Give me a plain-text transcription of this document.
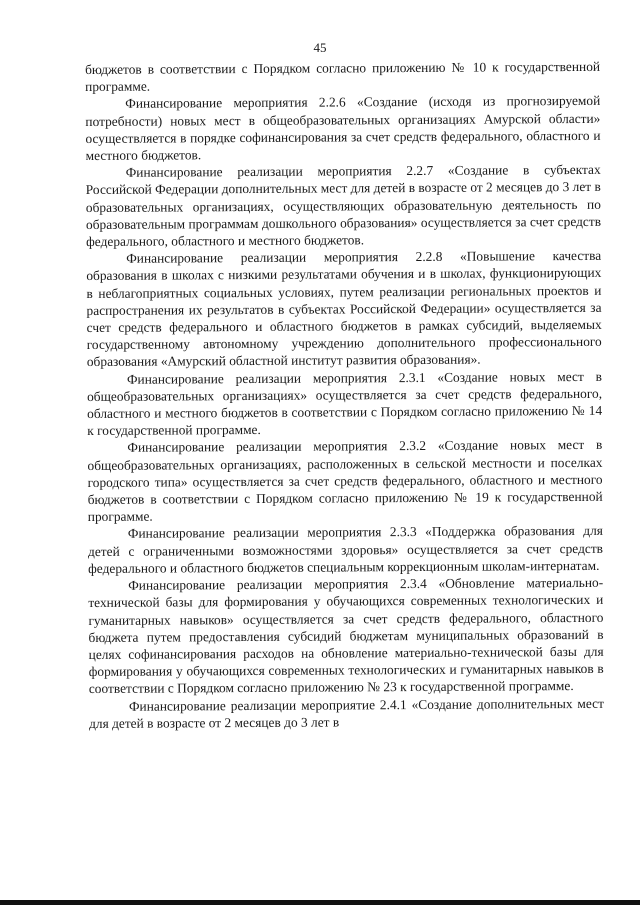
45

бюджетов в соответствии с Порядком согласно приложению № 10 к государственной программе.

Финансирование мероприятия 2.2.6 «Создание (исходя из прогнозируемой потребности) новых мест в общеобразовательных организациях Амурской области» осуществляется в порядке софинансирования за счет средств федерального, областного и местного бюджетов.

Финансирование реализации мероприятия 2.2.7 «Создание в субъектах Российской Федерации дополнительных мест для детей в возрасте от 2 месяцев до 3 лет в образовательных организациях, осуществляющих образовательную деятельность по образовательным программам дошкольного образования» осуществляется за счет средств федерального, областного и местного бюджетов.

Финансирование реализации мероприятия 2.2.8 «Повышение качества образования в школах с низкими результатами обучения и в школах, функционирующих в неблагоприятных социальных условиях, путем реализации региональных проектов и распространения их результатов в субъектах Российской Федерации» осуществляется за счет средств федерального и областного бюджетов в рамках субсидий, выделяемых государственному автономному учреждению дополнительного профессионального образования «Амурский областной институт развития образования».

Финансирование реализации мероприятия 2.3.1 «Создание новых мест в общеобразовательных организациях» осуществляется за счет средств федерального, областного и местного бюджетов в соответствии с Порядком согласно приложению № 14 к государственной программе.

Финансирование реализации мероприятия 2.3.2 «Создание новых мест в общеобразовательных организациях, расположенных в сельской местности и поселках городского типа» осуществляется за счет средств федерального, областного и местного бюджетов в соответствии с Порядком согласно приложению № 19 к государственной программе.

Финансирование реализации мероприятия 2.3.3 «Поддержка образования для детей с ограниченными возможностями здоровья» осуществляется за счет средств федерального и областного бюджетов специальным коррекционным школам-интернатам.

Финансирование реализации мероприятия 2.3.4 «Обновление материально-технической базы для формирования у обучающихся современных технологических и гуманитарных навыков» осуществляется за счет средств федерального, областного бюджета путем предоставления субсидий бюджетам муниципальных образований в целях софинансирования расходов на обновление материально-технической базы для формирования у обучающихся современных технологических и гуманитарных навыков в соответствии с Порядком согласно приложению № 23 к государственной программе.

Финансирование реализации мероприятие 2.4.1 «Создание дополнительных мест для детей в возрасте от 2 месяцев до 3 лет в
